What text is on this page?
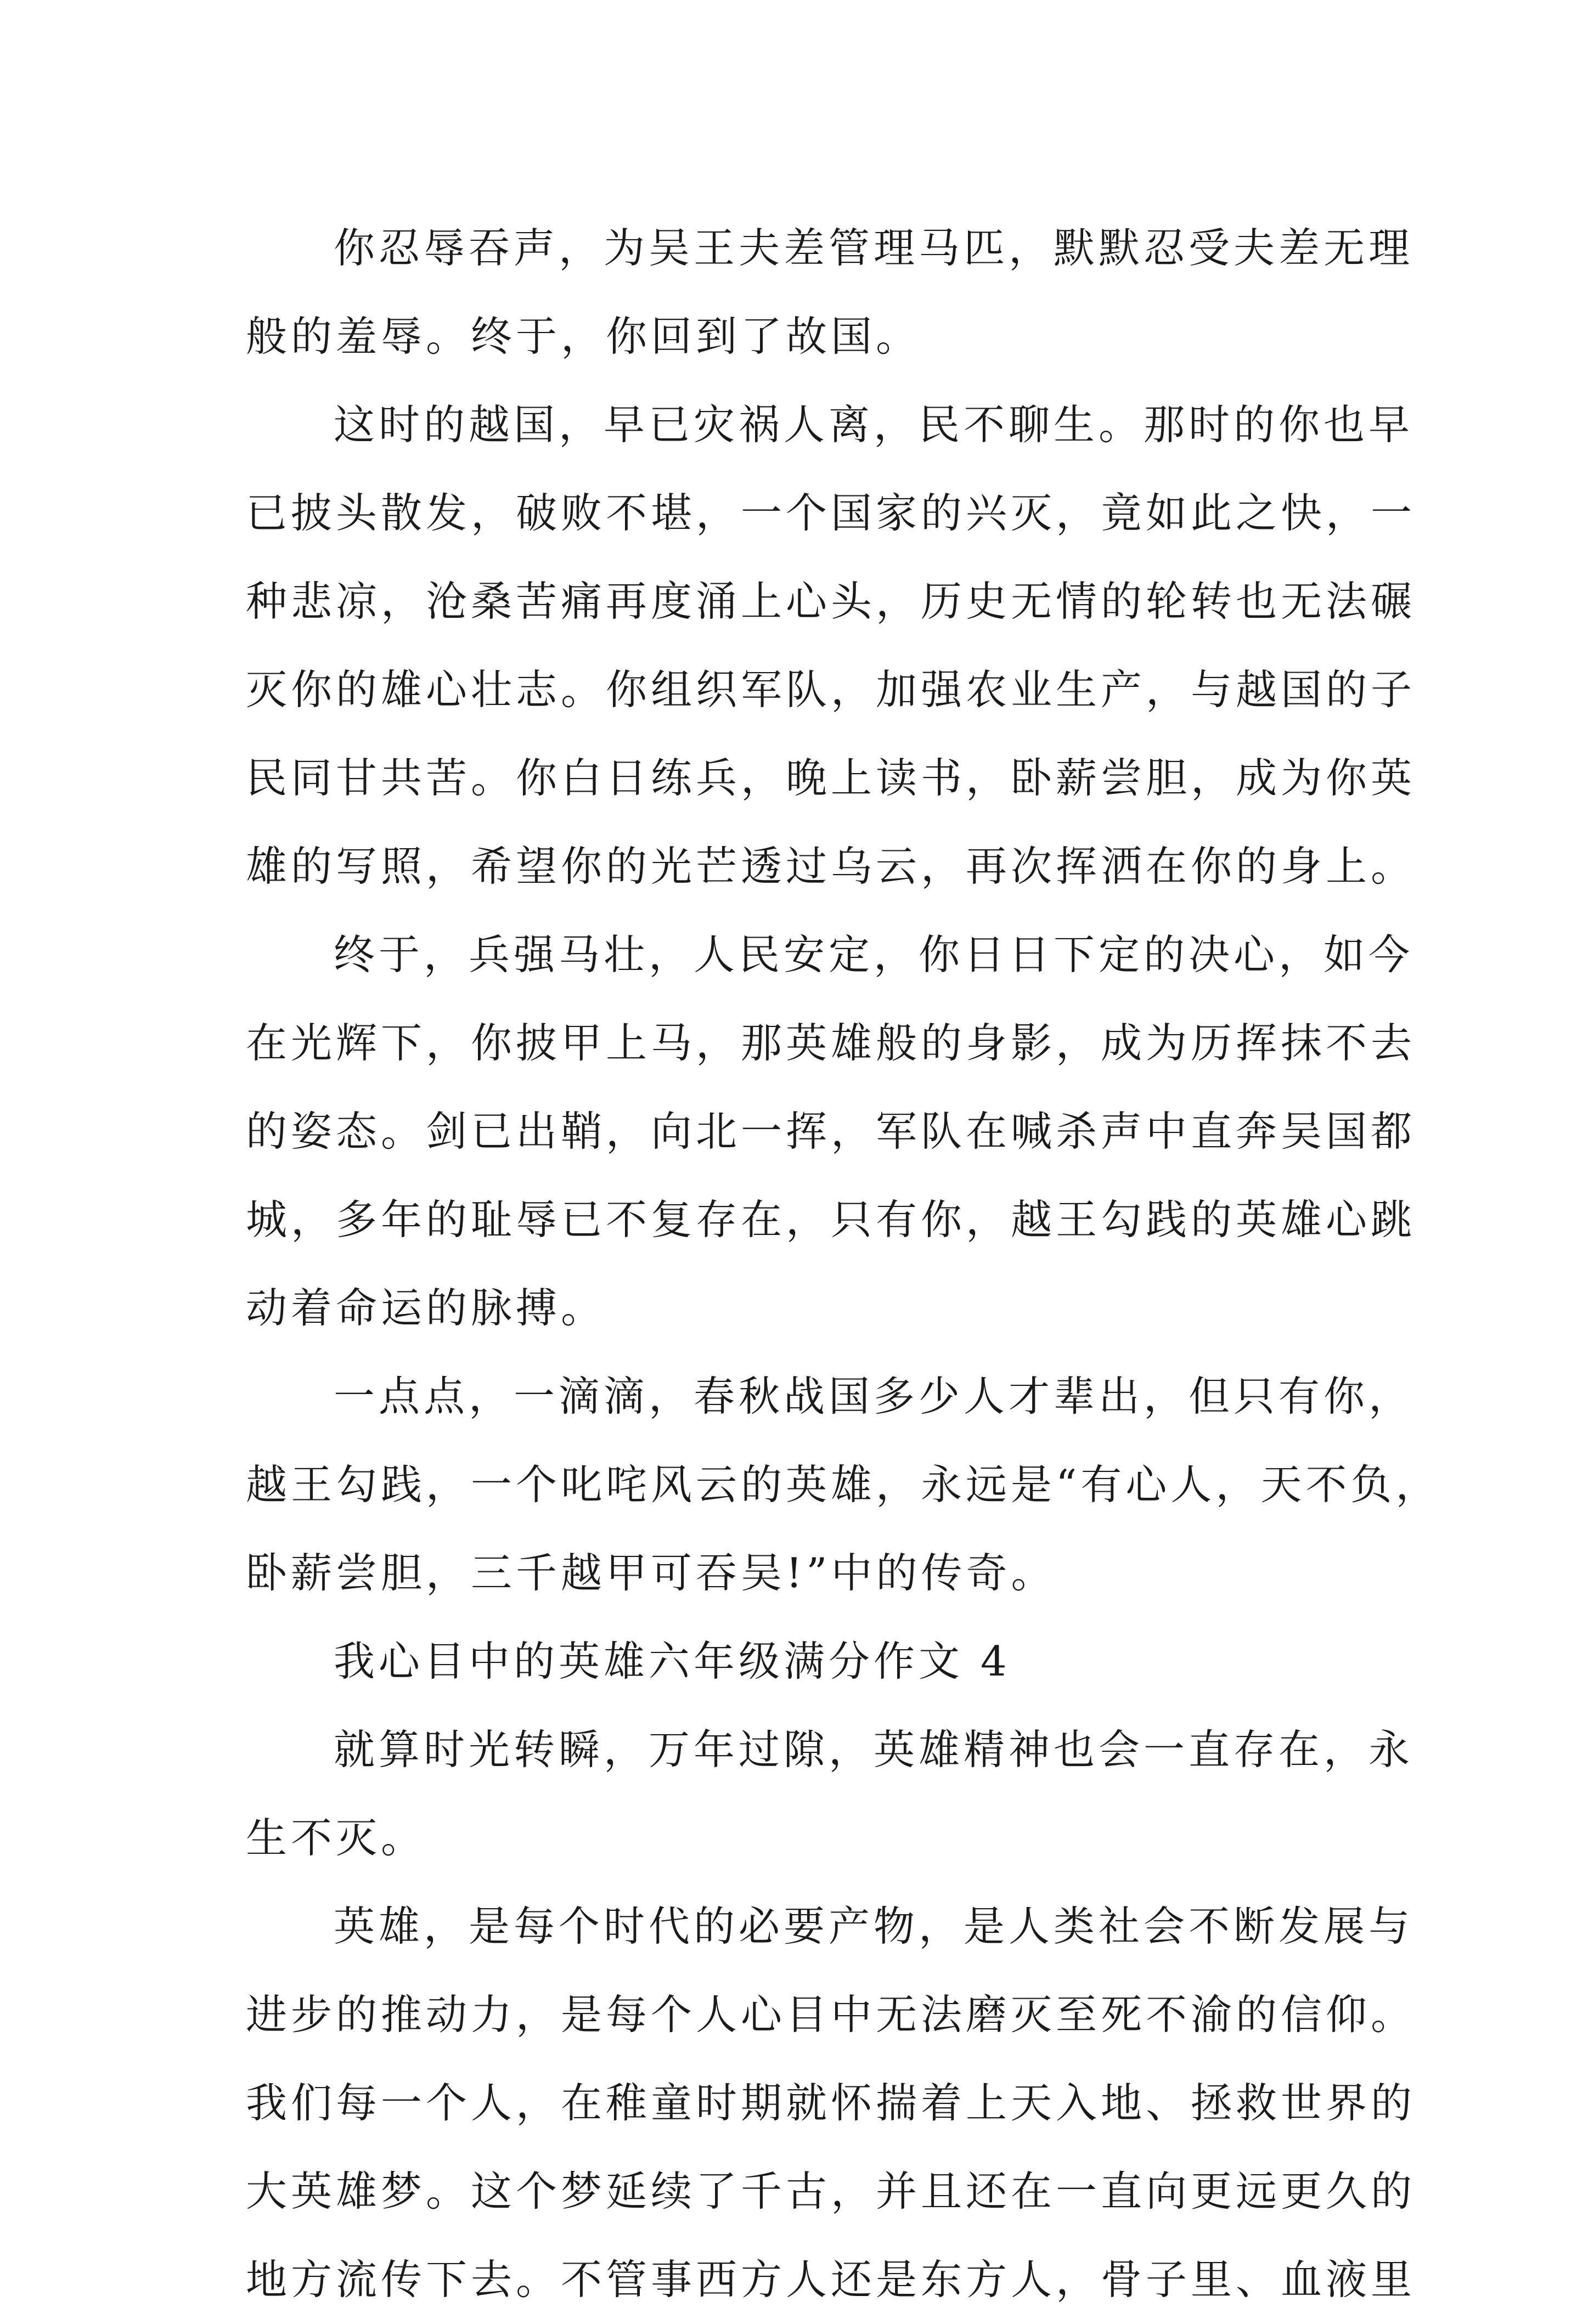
你忍辱吞声，为吴王夫差管理马匹，默默忍受夫差无理
般的羞辱。终于，你回到了故国。
这时的越国，早已灾祸人离，民不聊生。那时的你也早
已披头散发，破败不堪，一个国家的兴灭，竟如此之快，一
种悲凉，沧桑苦痛再度涌上心头，历史无情的轮转也无法碾
灭你的雄心壮志。你组织军队，加强农业生产，与越国的子
民同甘共苦。你白日练兵，晚上读书，卧薪尝胆，成为你英
雄的写照，希望你的光芒透过乌云，再次挥洒在你的身上。
终于，兵强马壮，人民安定，你日日下定的决心，如今
在光辉下，你披甲上马，那英雄般的身影，成为历挥抹不去
的姿态。剑已出鞘，向北一挥，军队在喊杀声中直奔吴国都
城，多年的耻辱已不复存在，只有你，越王勾践的英雄心跳
动着命运的脉搏。
一点点，一滴滴，春秋战国多少人才辈出，但只有你，
越王勾践，一个叱咤风云的英雄，永远是“有心人，天不负，
卧薪尝胆，三千越甲可吞吴!”中的传奇。
我心目中的英雄六年级满分作文 4
就算时光转瞬，万年过隙，英雄精神也会一直存在，永
生不灭。
英雄，是每个时代的必要产物，是人类社会不断发展与
进步的推动力，是每个人心目中无法磨灭至死不渝的信仰。
我们每一个人，在稚童时期就怀揣着上天入地、拯救世界的
大英雄梦。这个梦延续了千古，并且还在一直向更远更久的
地方流传下去。不管事西方人还是东方人，骨子里、血液里
